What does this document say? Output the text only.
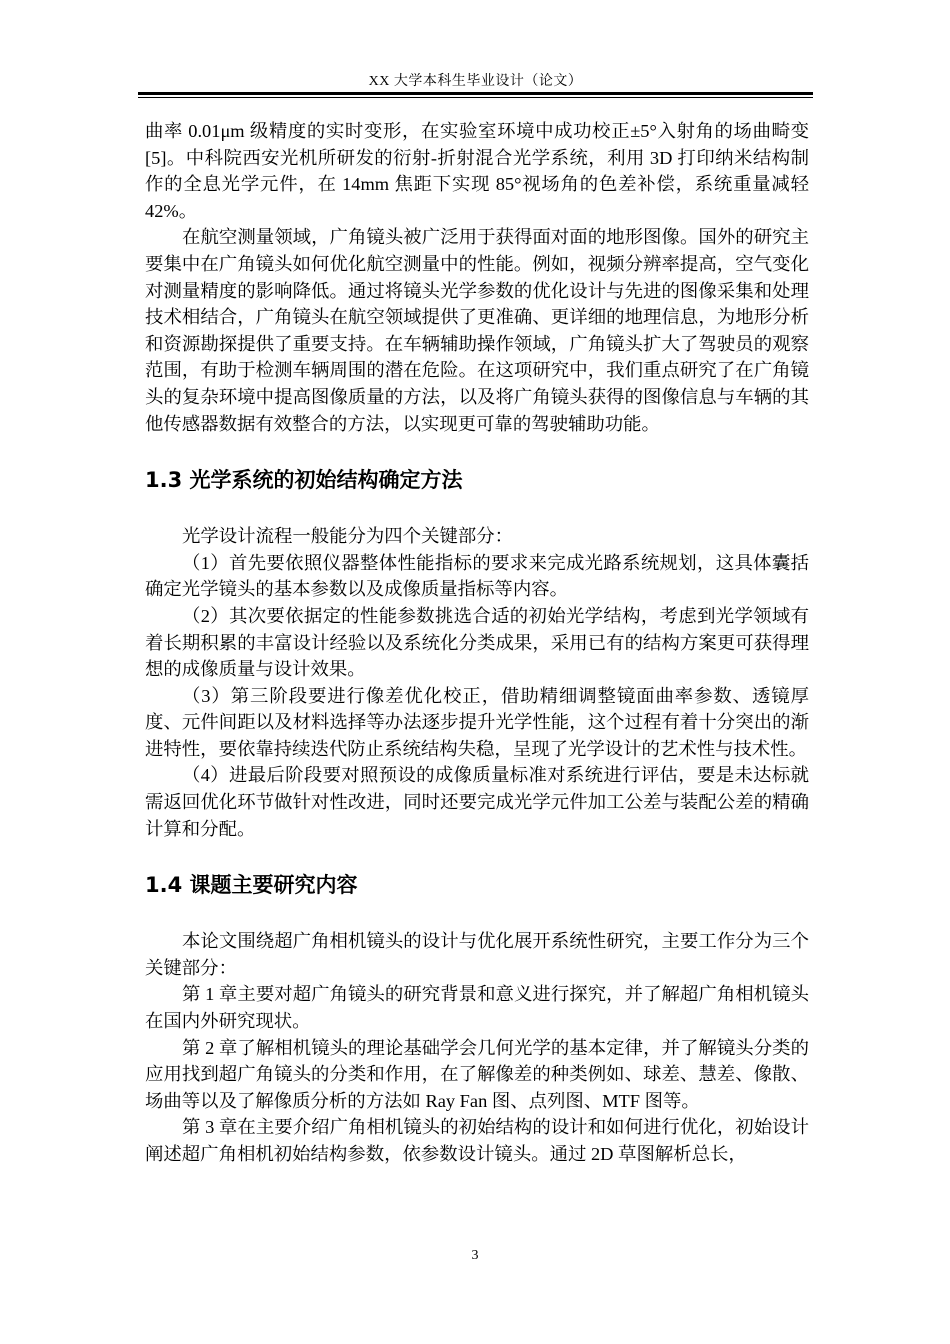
XX 大学本科生毕业设计（论文）

曲率 0.01μm 级精度的实时变形，在实验室环境中成功校正±5°入射角的场曲畸变[5]。中科院西安光机所研发的衍射-折射混合光学系统，利用 3D 打印纳米结构制作的全息光学元件，在 14mm 焦距下实现 85°视场角的色差补偿，系统重量减轻 42%。

在航空测量领域，广角镜头被广泛用于获得面对面的地形图像。国外的研究主要集中在广角镜头如何优化航空测量中的性能。例如，视频分辨率提高，空气变化对测量精度的影响降低。通过将镜头光学参数的优化设计与先进的图像采集和处理技术相结合，广角镜头在航空领域提供了更准确、更详细的地理信息，为地形分析和资源勘探提供了重要支持。在车辆辅助操作领域，广角镜头扩大了驾驶员的观察范围，有助于检测车辆周围的潜在危险。在这项研究中，我们重点研究了在广角镜头的复杂环境中提高图像质量的方法，以及将广角镜头获得的图像信息与车辆的其他传感器数据有效整合的方法，以实现更可靠的驾驶辅助功能。

1.3 光学系统的初始结构确定方法

光学设计流程一般能分为四个关键部分：

（1）首先要依照仪器整体性能指标的要求来完成光路系统规划，这具体囊括确定光学镜头的基本参数以及成像质量指标等内容。

（2）其次要依据定的性能参数挑选合适的初始光学结构，考虑到光学领域有着长期积累的丰富设计经验以及系统化分类成果，采用已有的结构方案更可获得理想的成像质量与设计效果。

（3）第三阶段要进行像差优化校正，借助精细调整镜面曲率参数、透镜厚度、元件间距以及材料选择等办法逐步提升光学性能，这个过程有着十分突出的渐进特性，要依靠持续迭代防止系统结构失稳，呈现了光学设计的艺术性与技术性。

（4）进最后阶段要对照预设的成像质量标准对系统进行评估，要是未达标就需返回优化环节做针对性改进，同时还要完成光学元件加工公差与装配公差的精确计算和分配。

1.4 课题主要研究内容

本论文围绕超广角相机镜头的设计与优化展开系统性研究，主要工作分为三个关键部分：

第 1 章主要对超广角镜头的研究背景和意义进行探究，并了解超广角相机镜头在国内外研究现状。

第 2 章了解相机镜头的理论基础学会几何光学的基本定律，并了解镜头分类的应用找到超广角镜头的分类和作用，在了解像差的种类例如、球差、慧差、像散、场曲等以及了解像质分析的方法如 Ray Fan 图、点列图、MTF 图等。

第 3 章在主要介绍广角相机镜头的初始结构的设计和如何进行优化，初始设计 阐述超广角相机初始结构参数，依参数设计镜头。通过 2D 草图解析总长，

3
